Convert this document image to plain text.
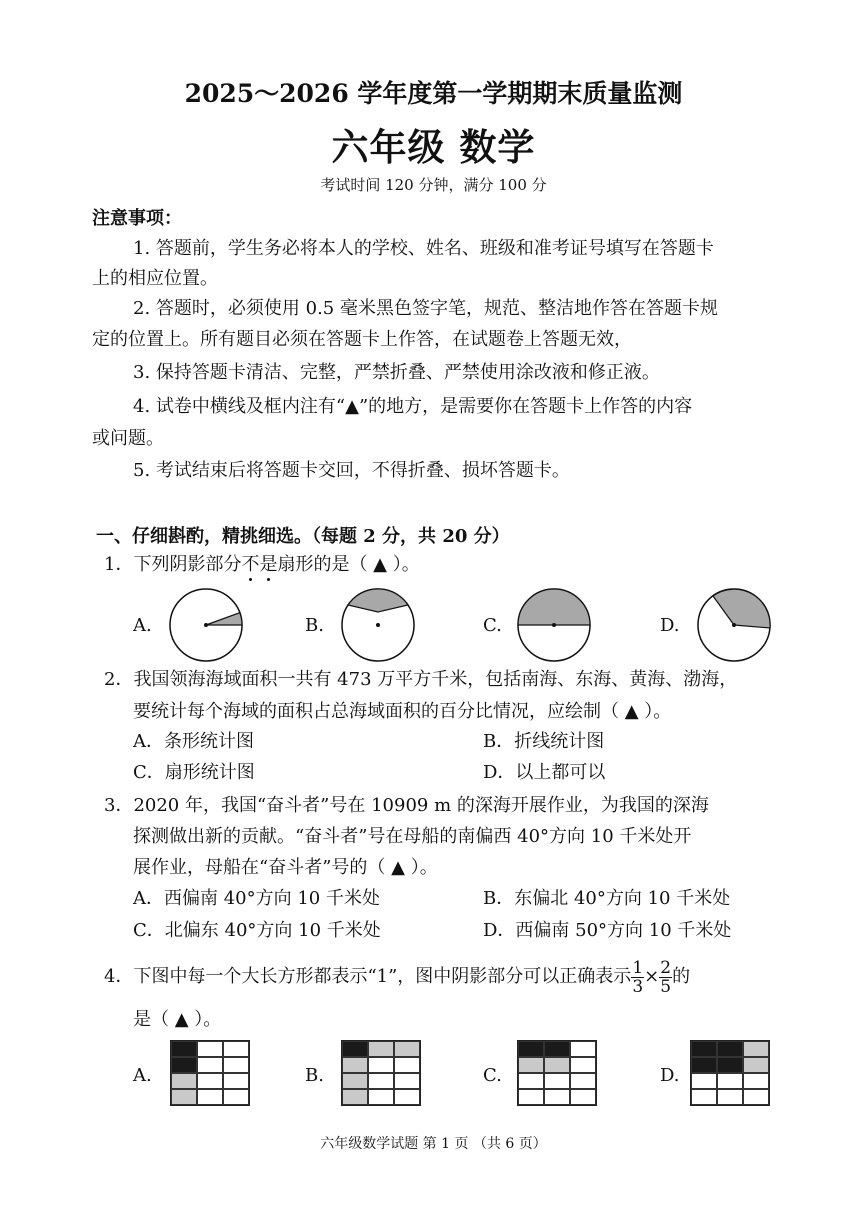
2025～2026 学年度第一学期期末质量监测
六年级 数学
考试时间 120 分钟，满分 100 分
注意事项：
1. 答题前，学生务必将本人的学校、姓名、班级和准考证号填写在答题卡
上的相应位置。
2. 答题时，必须使用 0.5 毫米黑色签字笔，规范、整洁地作答在答题卡规
定的位置上。所有题目必须在答题卡上作答，在试题卷上答题无效，
3. 保持答题卡清洁、完整，严禁折叠、严禁使用涂改液和修正液。
4. 试卷中横线及框内注有“▲”的地方，是需要你在答题卡上作答的内容
或问题。
5. 考试结束后将答题卡交回，不得折叠、损坏答题卡。
一、仔细斟酌，精挑细选。（每题 2 分，共 20 分）
1．下列阴影部分不是扇形的是（ ▲ ）。
A.	B.	C.	D.
2．我国领海海域面积一共有 473 万平方千米，包括南海、东海、黄海、渤海，
要统计每个海域的面积占总海域面积的百分比情况，应绘制（ ▲ ）。
A．条形统计图	B．折线统计图
C．扇形统计图	D．以上都可以
3．2020 年，我国“奋斗者”号在 10909 m 的深海开展作业，为我国的深海
探测做出新的贡献。“奋斗者”号在母船的南偏西 40°方向 10 千米处开
展作业，母船在“奋斗者”号的（ ▲ ）。
A．西偏南 40°方向 10 千米处	B．东偏北 40°方向 10 千米处
C．北偏东 40°方向 10 千米处	D．西偏南 50°方向 10 千米处
4．下图中每一个大长方形都表示“1”，图中阴影部分可以正确表示 $\frac{1}{3} \times \frac{2}{5}$ 的
是（ ▲ ）。
A.	B.	C.	D.
六年级数学试题 第 1 页 （共 6 页）
